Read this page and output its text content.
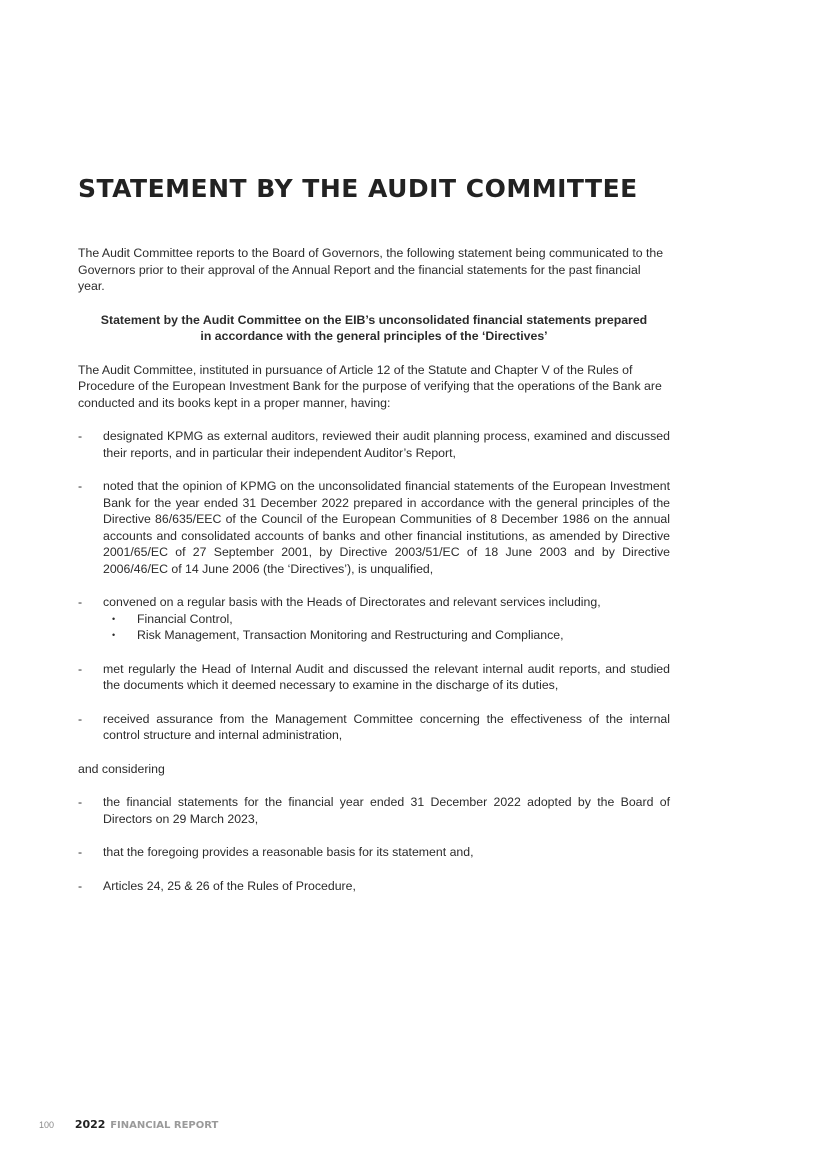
STATEMENT BY THE AUDIT COMMITTEE

The Audit Committee reports to the Board of Governors, the following statement being communicated to the Governors prior to their approval of the Annual Report and the financial statements for the past financial year.

Statement by the Audit Committee on the EIB’s unconsolidated financial statements prepared
in accordance with the general principles of the ‘Directives’

The Audit Committee, instituted in pursuance of Article 12 of the Statute and Chapter V of the Rules of Procedure of the European Investment Bank for the purpose of verifying that the operations of the Bank are conducted and its books kept in a proper manner, having:

- designated KPMG as external auditors, reviewed their audit planning process, examined and discussed their reports, and in particular their independent Auditor’s Report,
- noted that the opinion of KPMG on the unconsolidated financial statements of the European Investment Bank for the year ended 31 December 2022 prepared in accordance with the general principles of the Directive 86/635/EEC of the Council of the European Communities of 8 December 1986 on the annual accounts and consolidated accounts of banks and other financial institutions, as amended by Directive 2001/65/EC of 27 September 2001, by Directive 2003/51/EC of 18 June 2003 and by Directive 2006/46/EC of 14 June 2006 (the ‘Directives’), is unqualified,
- convened on a regular basis with the Heads of Directorates and relevant services including,
• Financial Control,
• Risk Management, Transaction Monitoring and Restructuring and Compliance,
- met regularly the Head of Internal Audit and discussed the relevant internal audit reports, and studied the documents which it deemed necessary to examine in the discharge of its duties,
- received assurance from the Management Committee concerning the effectiveness of the internal control structure and internal administration,

and considering

- the financial statements for the financial year ended 31 December 2022 adopted by the Board of Directors on 29 March 2023,
- that the foregoing provides a reasonable basis for its statement and,
- Articles 24, 25 & 26 of the Rules of Procedure,
100 2022 FINANCIAL REPORT
